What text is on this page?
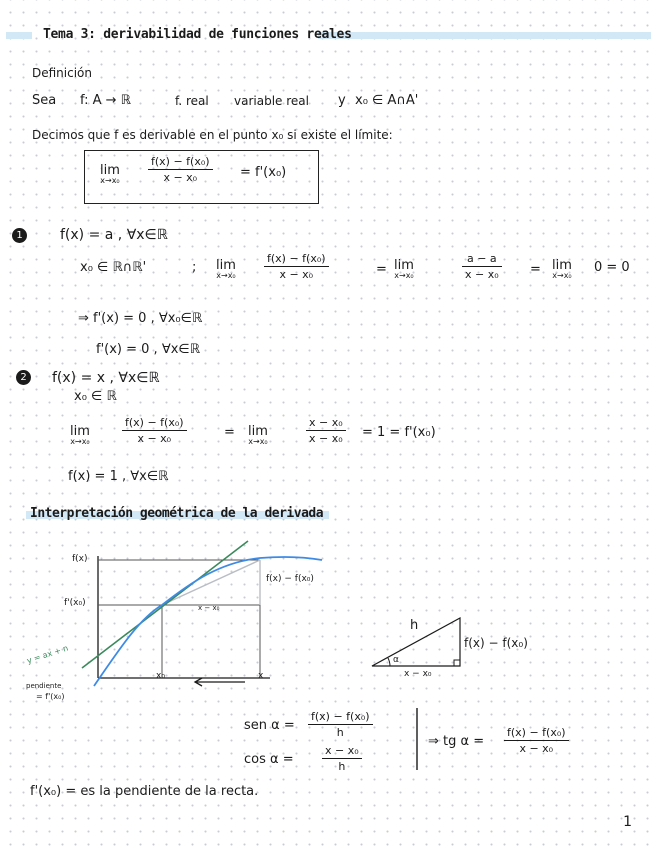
Tema 3: derivabilidad de funciones reales
Definición
Sea f: A → ℝ	f. real variable real y x₀ ∈ A∩A'
Decimos que f es derivable en el punto x₀ si existe el límite:
lim
x→x₀
f(x) − f(x₀)
x − x₀	= f'(x₀)
1	f(x) = a , ∀x∈ℝ
x₀ ∈ ℝ∩ℝ'	; lim
x→x₀
f(x) − f(x₀)
x − x₀	= lim
x→x₀
a − a
x − x₀ = lim
x→x₀
0 = 0
⇒ f'(x) = 0 , ∀x₀∈ℝ
f'(x) = 0 , ∀x∈ℝ
2	f(x) = x , ∀x∈ℝ
x₀ ∈ ℝ
lim
x→x₀
f(x) − f(x₀)
x − x₀	= lim
x→x₀
x − x₀
x − x₀ = 1 = f'(x₀)
f(x) = 1 , ∀x∈ℝ
Interpretación geométrica de la derivada
f(x)
f'(x₀)
f(x) − f(x₀)
x − x₀
x₀	x
y = ax + n
pendiente
= f'(x₀)
h
f(x) − f(x₀)
x − x₀
α
sen α =
f(x) − f(x₀)
h
cos α =
x − x₀
h
⇒ tg α =
f(x) − f(x₀)
x − x₀
f'(x₀) = es la pendiente de la recta.
1
